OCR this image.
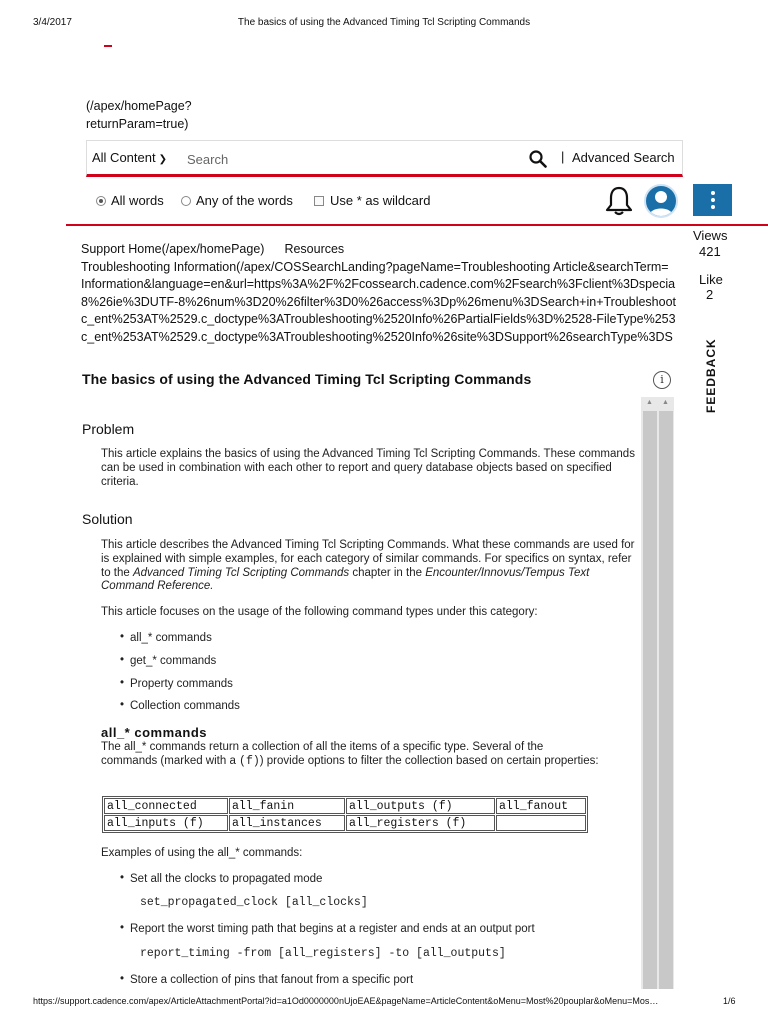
3/4/2017	The basics of using the Advanced Timing Tcl Scripting Commands
(/apex/homePage?returnParam=true)
All Content ❯
Search	| Advanced Search
All words Any of the words	Use * as wildcard
Views
421
Like
2
FEEDBACK
Support Home(/apex/homePage) Resources
Troubleshooting Information(/apex/COSSearchLanding?pageName=Troubleshooting Article&searchTerm=
Information&language=en&url=https%3A%2F%2Fcossearch.cadence.com%2Fsearch%3Fclient%3Dspecia
8%26ie%3DUTF-8%26num%3D20%26filter%3D0%26access%3Dp%26menu%3DSearch+in+Troubleshoot
c_ent%253AT%2529.c_doctype%3ATroubleshooting%2520Info%26PartialFields%3D%2528-FileType%253
c_ent%253AT%2529.c_doctype%3ATroubleshooting%2520Info%26site%3DSupport%26searchType%3DS
The basics of using the Advanced Timing Tcl Scripting Commands	i
▲ ▲
Problem
This article explains the basics of using the Advanced Timing Tcl Scripting Commands. These commands can be used in combination with each other to report and query database objects based on specified criteria.
Solution
This article describes the Advanced Timing Tcl Scripting Commands. What these commands are used for is explained with simple examples, for each category of similar commands. For specifics on syntax, refer to the Advanced Timing Tcl Scripting Commands chapter in the Encounter/Innovus/Tempus Text Command Reference.
This article focuses on the usage of the following command types under this category:
• all_* commands
• get_* commands
• Property commands
• Collection commands
all_* commands
The all_* commands return a collection of all the items of a specific type. Several of the commands (marked with a (f)) provide options to filter the collection based on certain properties:
all_connected	all_fanin	all_outputs (f)	all_fanout
all_inputs (f)	all_instances	all_registers (f)	
Examples of using the all_* commands:
• Set all the clocks to propagated mode
set_propagated_clock [all_clocks]
• Report the worst timing path that begins at a register and ends at an output port
report_timing -from [all_registers] -to [all_outputs]
• Store a collection of pins that fanout from a specific port
https://support.cadence.com/apex/ArticleAttachmentPortal?id=a1Od0000000nUjoEAE&pageName=ArticleContent&oMenu=Most%20pouplar&oMenu=Mos…	1/6
